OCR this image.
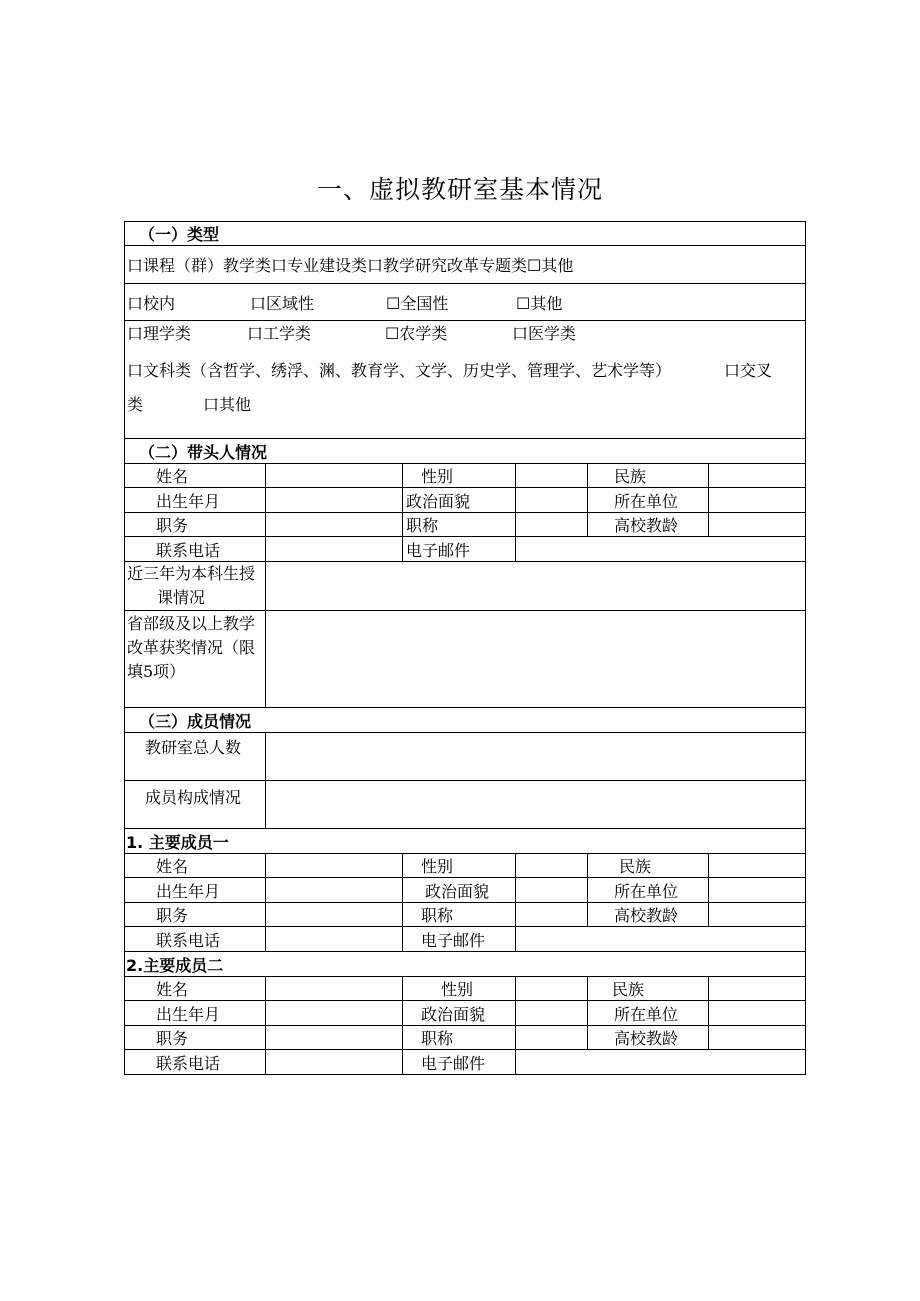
一、虚拟教研室基本情况
（一）类型					
口课程（群）教学类口专业建设类口教学研究改革专题类☐其他					
口校内 口区域性 ☐全国性 ☐其他					

口理学类 口工学类 ☐农学类 口医学类
口文科类（含哲学、绣浮、渊、教育学、文学、历史学、管理学、艺术学等） 口交叉
类 口其他					

（二）带头人情况					
姓名		性别		民族	
出生年月		政治面貌		所在单位	
职务		职称		高校教龄	
联系电话		电子邮件			

近三年为本科生授
课情况					

省部级及以上教学改革获奖情况（限填5项）					
（三）成员情况					
教研室总人数					
成员构成情况					
1. 主要成员一					
姓名		性别		民族	
出生年月		政治面貌		所在单位	
职务		职称		高校教龄	
联系电话		电子邮件			
2.主要成员二					
姓名		性别		民族	
出生年月		政治面貌		所在单位	
职务		职称		高校教龄	
联系电话		电子邮件			
